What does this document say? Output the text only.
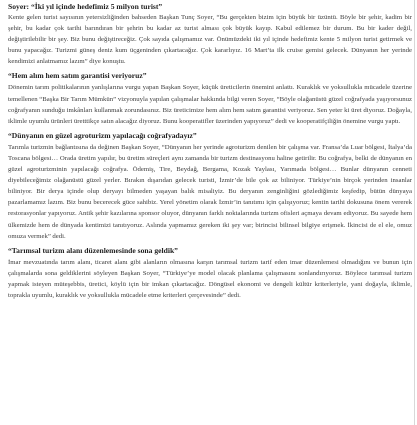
Soyer: “İki yıl içinde hedefimiz 5 milyon turist”

Kente gelen turist sayısının yetersizliğinden bahseden Başkan Tunç Soyer, “Bu gerçekten bizim için büyük bir üzüntü. Böyle bir şehir, kadim bir şehir, bu kadar çok tarihi barındıran bir şehrin bu kadar az turist alması çok büyük kayıp. Kabul edilemez bir durum. Bu bir kader değil, değiştirilebilir bir şey. Biz bunu değiştireceğiz. Çok sayıda çalışmamız var. Önümüzdeki iki yıl içinde hedefimiz kente 5 milyon turist getirmek ve bunu yapacağız. Turizmi güneş deniz kum üçgeninden çıkartacağız. Çok kararlıyız. 16 Mart’ta ilk cruise gemisi gelecek. Dünyanın her yerinde kendimizi anlatmamız lazım” diye konuştu.

“Hem alım hem satım garantisi veriyoruz”

Dönemin tarım politikalarının yanlışlarına vurgu yapan Başkan Soyer, küçük üreticilerin önemini anlattı. Kuraklık ve yoksullukla mücadele üzerine temellenen “Başka Bir Tarım Mümkün” vizyonuyla yapılan çalışmalar hakkında bilgi veren Soyer, “Böyle olağanüstü güzel coğrafyada yaşıyorsunuz coğrafyanın sunduğu imkânları kullanmak zorundasınız. Biz üreticimize hem alım hem satım garantisi veriyoruz. Sen yeter ki üret diyoruz. Doğayla, iklimle uyumlu ürünleri üretttikçe satın alacağız diyoruz. Bunu kooperatifler üzerinden yapıyoruz” dedi ve kooperatifçiliğin önemine vurgu yaptı.

“Dünyanın en güzel agroturizm yapılacağı coğrafyadayız”

Tarımla turizmin bağlantısına da değinen Başkan Soyer, “Dünyanın her yerinde agroturizm denilen bir çalışma var. Fransa’da Luar bölgesi, İtalya’da Toscana bölgesi… Orada üretim yapılır, bu üretim süreçleri aynı zamanda bir turizm destinasyonu haline getirilir. Bu coğrafya, belki de dünyanın en güzel agroturizminin yapılacağı coğrafya. Ödemiş, Tire, Beydağ, Bergama, Kozak Yaylası, Yarımada bölgesi… Bunlar dünyanın cenneti diyebileceğimiz olağanüstü güzel yerler. Bırakın dışarıdan gelecek turisti, İzmir’de bile çok az biliniyor. Türkiye’nin birçok yerinden insanlar biliniyor. Bir derya içinde olup deryayı bilmeden yaşayan balık misaliyiz. Bu deryanın zenginliğini gözlediğimiz keşfedip, bütün dünyaya pazarlamamız lazım. Biz bunu becerecek güce sahibiz. Yerel yönetim olarak İzmir’in tanıtımı için çalışıyoruz; kentin tarihi dokusuna önem vererek restorasyonlar yapıyoruz. Antik şehir kazılarına sponsor oluyor, dünyanın farklı noktalarında turizm ofisleri açmaya devam ediyoruz. Bu sayede hem ülkemizde hem de dünyada kentimizi tanıtıyoruz. Aslında yapmamız gereken iki şey var; birincisi bilinsel bilgiye erişmek. İkincisi de el ele, omuz omuza vermek” dedi.

“Tarımsal turizm alanı düzenlemesinde sona geldik”

İmar mevzuatında tarım alanı, ticaret alanı gibi alanların olmasına karşın tarımsal turizm tarif eden imar düzenlemesi olmadığını ve bunun için çalışmalarda sona geldiklerini söyleyen Başkan Soyer, “Türkiye’ye model olacak planlama çalışmasını sonlandırıyoruz. Böylece tarımsal turizm yapmak isteyen müteşebbis, üretici, köylü için bir imkan çıkartacağız. Döngüsel ekonomi ve dengeli kültür kriterleriyle, yani doğayla, iklimle, toprakla uyumlu, kuraklık ve yoksullukla mücadele etme kriterleri çerçevesinde” dedi.
